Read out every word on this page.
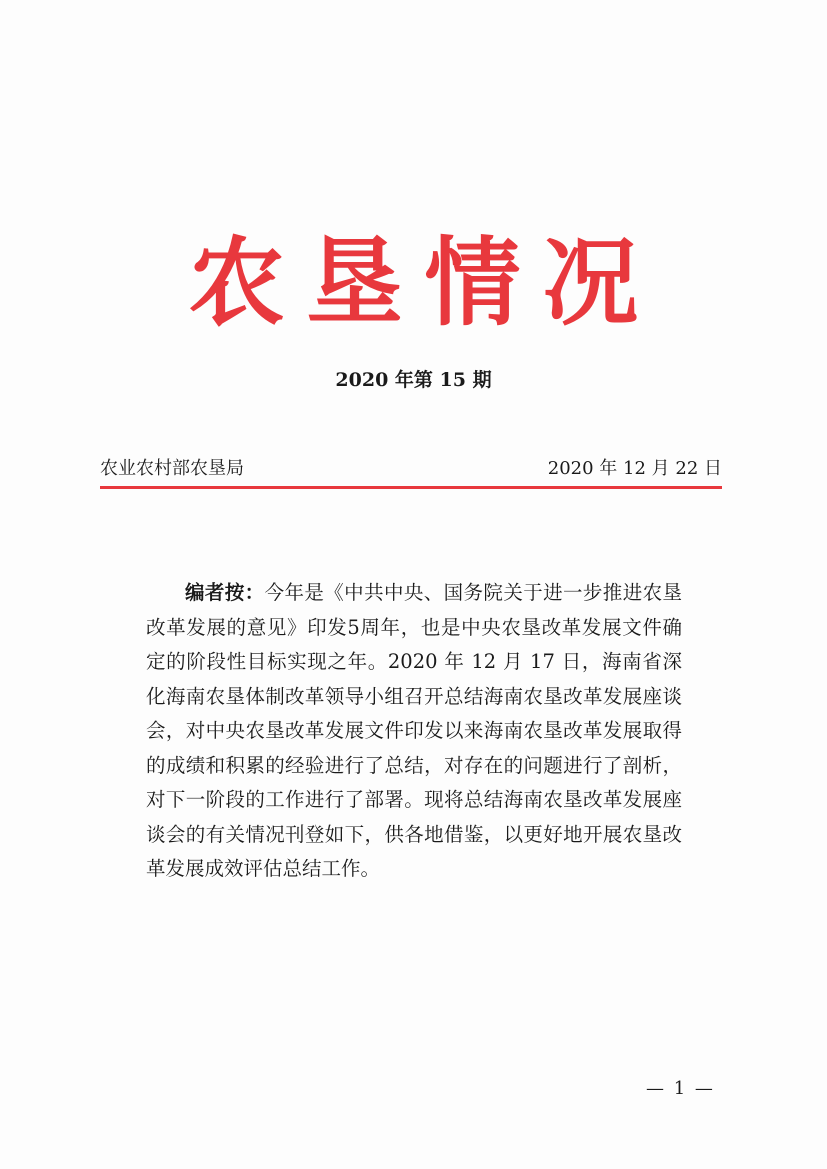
农垦情况
2020 年第 15 期
农业农村部农垦局	2020 年 12 月 22 日

编者按：今年是《中共中央、国务院关于进一步推进农垦改革发展的意见》印发5周年，也是中央农垦改革发展文件确定的阶段性目标实现之年。2020 年 12 月 17 日，海南省深化海南农垦体制改革领导小组召开总结海南农垦改革发展座谈会，对中央农垦改革发展文件印发以来海南农垦改革发展取得的成绩和积累的经验进行了总结，对存在的问题进行了剖析，对下一阶段的工作进行了部署。现将总结海南农垦改革发展座谈会的有关情况刊登如下，供各地借鉴，以更好地开展农垦改革发展成效评估总结工作。

— 1 —
